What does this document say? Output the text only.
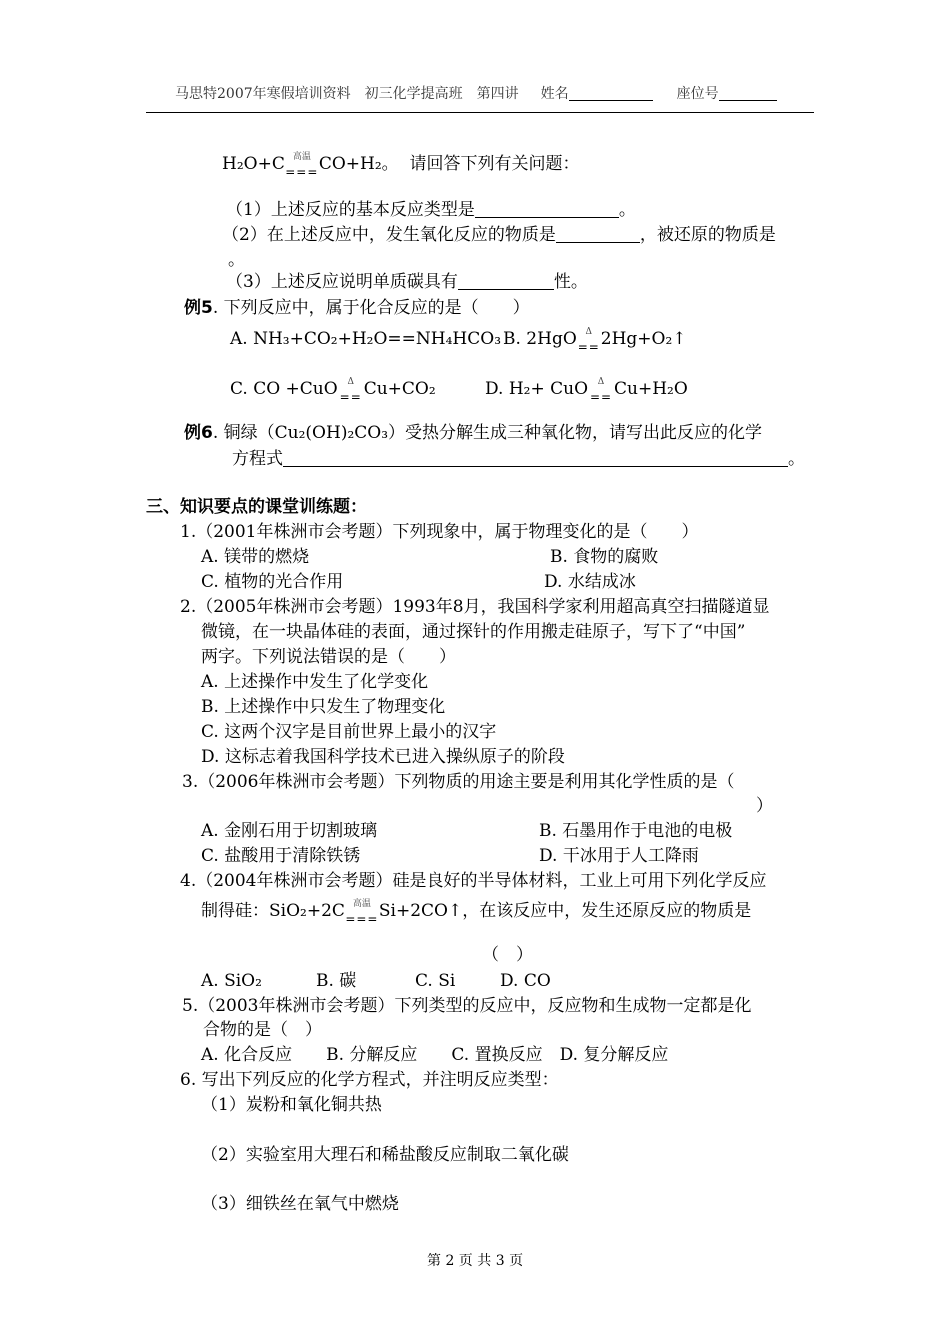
马思特2007年寒假培训资料　初三化学提高班　第四讲 姓名	座位号
H₂O+C 高温
=== CO+H₂。 请回答下列有关问题：
（1）上述反应的基本反应类型是	。
（2）在上述反应中，发生氧化反应的物质是	，被还原的物质是
。
（3）上述反应说明单质碳具有	性。
例5. 下列反应中，属于化合反应的是（　　）
A. NH₃+CO₂+H₂O==NH₄HCO₃ B. 2HgO Δ
== 2Hg+O₂↑
C. CO +CuO	Δ
== Cu+CO₂	D. H₂+ CuO	Δ
== Cu+H₂O
例6. 铜绿（Cu₂(OH)₂CO₃）受热分解生成三种氧化物，请写出此反应的化学
方程式	。
三、知识要点的课堂训练题：
1.（2001年株洲市会考题）下列现象中，属于物理变化的是（　　）
A. 镁带的燃烧	B. 食物的腐败
C. 植物的光合作用	D. 水结成冰
2.（2005年株洲市会考题）1993年8月，我国科学家利用超高真空扫描隧道显
微镜，在一块晶体硅的表面，通过探针的作用搬走硅原子，写下了“中国”
两字。下列说法错误的是（　　）
A. 上述操作中发生了化学变化
B. 上述操作中只发生了物理变化
C. 这两个汉字是目前世界上最小的汉字
D. 这标志着我国科学技术已进入操纵原子的阶段
3.（2006年株洲市会考题）下列物质的用途主要是利用其化学性质的是（
）
A. 金刚石用于切割玻璃	B. 石墨用作于电池的电极
C. 盐酸用于清除铁锈	D. 干冰用于人工降雨
4.（2004年株洲市会考题）硅是良好的半导体材料，工业上可用下列化学反应
制得硅：SiO₂+2C 高温
=== Si+2CO↑，在该反应中，发生还原反应的物质是
（　）
A. SiO₂	B. 碳	C. Si	D. CO
5.（2003年株洲市会考题）下列类型的反应中，反应物和生成物一定都是化
合物的是（　）
A. 化合反应　　B. 分解反应　　C. 置换反应　D. 复分解反应
6. 写出下列反应的化学方程式，并注明反应类型：
（1）炭粉和氧化铜共热
（2）实验室用大理石和稀盐酸反应制取二氧化碳
（3）细铁丝在氧气中燃烧
第 2 页 共 3 页
